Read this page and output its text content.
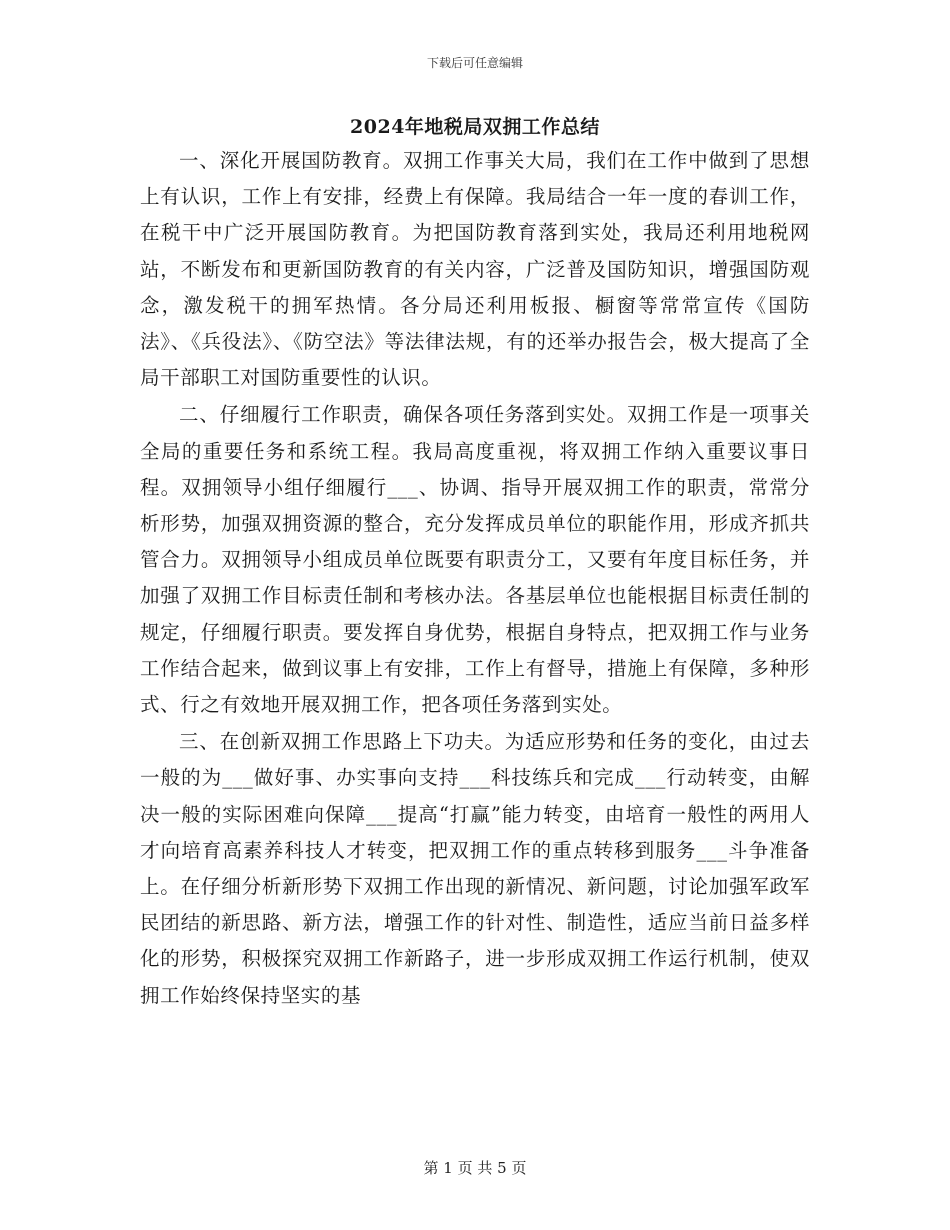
下载后可任意编辑
2024年地税局双拥工作总结

一、深化开展国防教育。双拥工作事关大局，我们在工作中做到了思想上有认识，工作上有安排，经费上有保障。我局结合一年一度的春训工作，在税干中广泛开展国防教育。为把国防教育落到实处，我局还利用地税网站，不断发布和更新国防教育的有关内容，广泛普及国防知识，增强国防观念，激发税干的拥军热情。各分局还利用板报、橱窗等常常宣传《国防法》、《兵役法》、《防空法》等法律法规，有的还举办报告会，极大提高了全局干部职工对国防重要性的认识。

二、仔细履行工作职责，确保各项任务落到实处。双拥工作是一项事关全局的重要任务和系统工程。我局高度重视，将双拥工作纳入重要议事日程。双拥领导小组仔细履行___、协调、指导开展双拥工作的职责，常常分析形势，加强双拥资源的整合，充分发挥成员单位的职能作用，形成齐抓共管合力。双拥领导小组成员单位既要有职责分工，又要有年度目标任务，并加强了双拥工作目标责任制和考核办法。各基层单位也能根据目标责任制的规定，仔细履行职责。要发挥自身优势，根据自身特点，把双拥工作与业务工作结合起来，做到议事上有安排，工作上有督导，措施上有保障，多种形式、行之有效地开展双拥工作，把各项任务落到实处。

三、在创新双拥工作思路上下功夫。为适应形势和任务的变化，由过去一般的为___做好事、办实事向支持___科技练兵和完成___行动转变，由解决一般的实际困难向保障___提高“打赢”能力转变，由培育一般性的两用人才向培育高素养科技人才转变，把双拥工作的重点转移到服务___斗争准备上。在仔细分析新形势下双拥工作出现的新情况、新问题，讨论加强军政军民团结的新思路、新方法，增强工作的针对性、制造性，适应当前日益多样化的形势，积极探究双拥工作新路子，进一步形成双拥工作运行机制，使双拥工作始终保持坚实的基

第 1 页 共 5 页
